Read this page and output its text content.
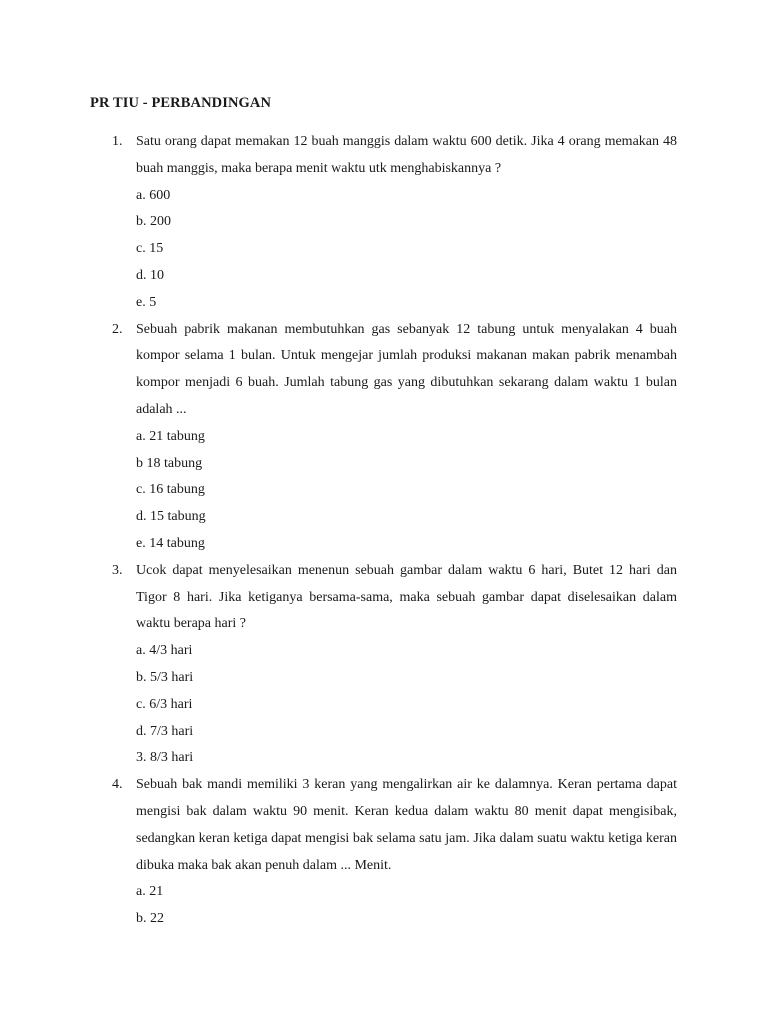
PR TIU - PERBANDINGAN
1. Satu orang dapat memakan 12 buah manggis dalam waktu 600 detik. Jika 4 orang memakan 48 buah manggis, maka berapa menit waktu utk menghabiskannya ?
a. 600
b. 200
c. 15
d. 10
e. 5
2. Sebuah pabrik makanan membutuhkan gas sebanyak 12 tabung untuk menyalakan 4 buah kompor selama 1 bulan. Untuk mengejar jumlah produksi makanan makan pabrik menambah kompor menjadi 6 buah. Jumlah tabung gas yang dibutuhkan sekarang dalam waktu 1 bulan adalah ...
a. 21 tabung
b 18 tabung
c. 16 tabung
d. 15 tabung
e. 14 tabung
3. Ucok dapat menyelesaikan menenun sebuah gambar dalam waktu 6 hari, Butet 12 hari dan Tigor 8 hari. Jika ketiganya bersama-sama, maka sebuah gambar dapat diselesaikan dalam waktu berapa hari ?
a. 4/3 hari
b. 5/3 hari
c. 6/3 hari
d. 7/3 hari
3. 8/3 hari
4. Sebuah bak mandi memiliki 3 keran yang mengalirkan air ke dalamnya. Keran pertama dapat mengisi bak dalam waktu 90 menit. Keran kedua dalam waktu 80 menit dapat mengisibak, sedangkan keran ketiga dapat mengisi bak selama satu jam. Jika dalam suatu waktu ketiga keran dibuka maka bak akan penuh dalam ... Menit.
a. 21
b. 22
